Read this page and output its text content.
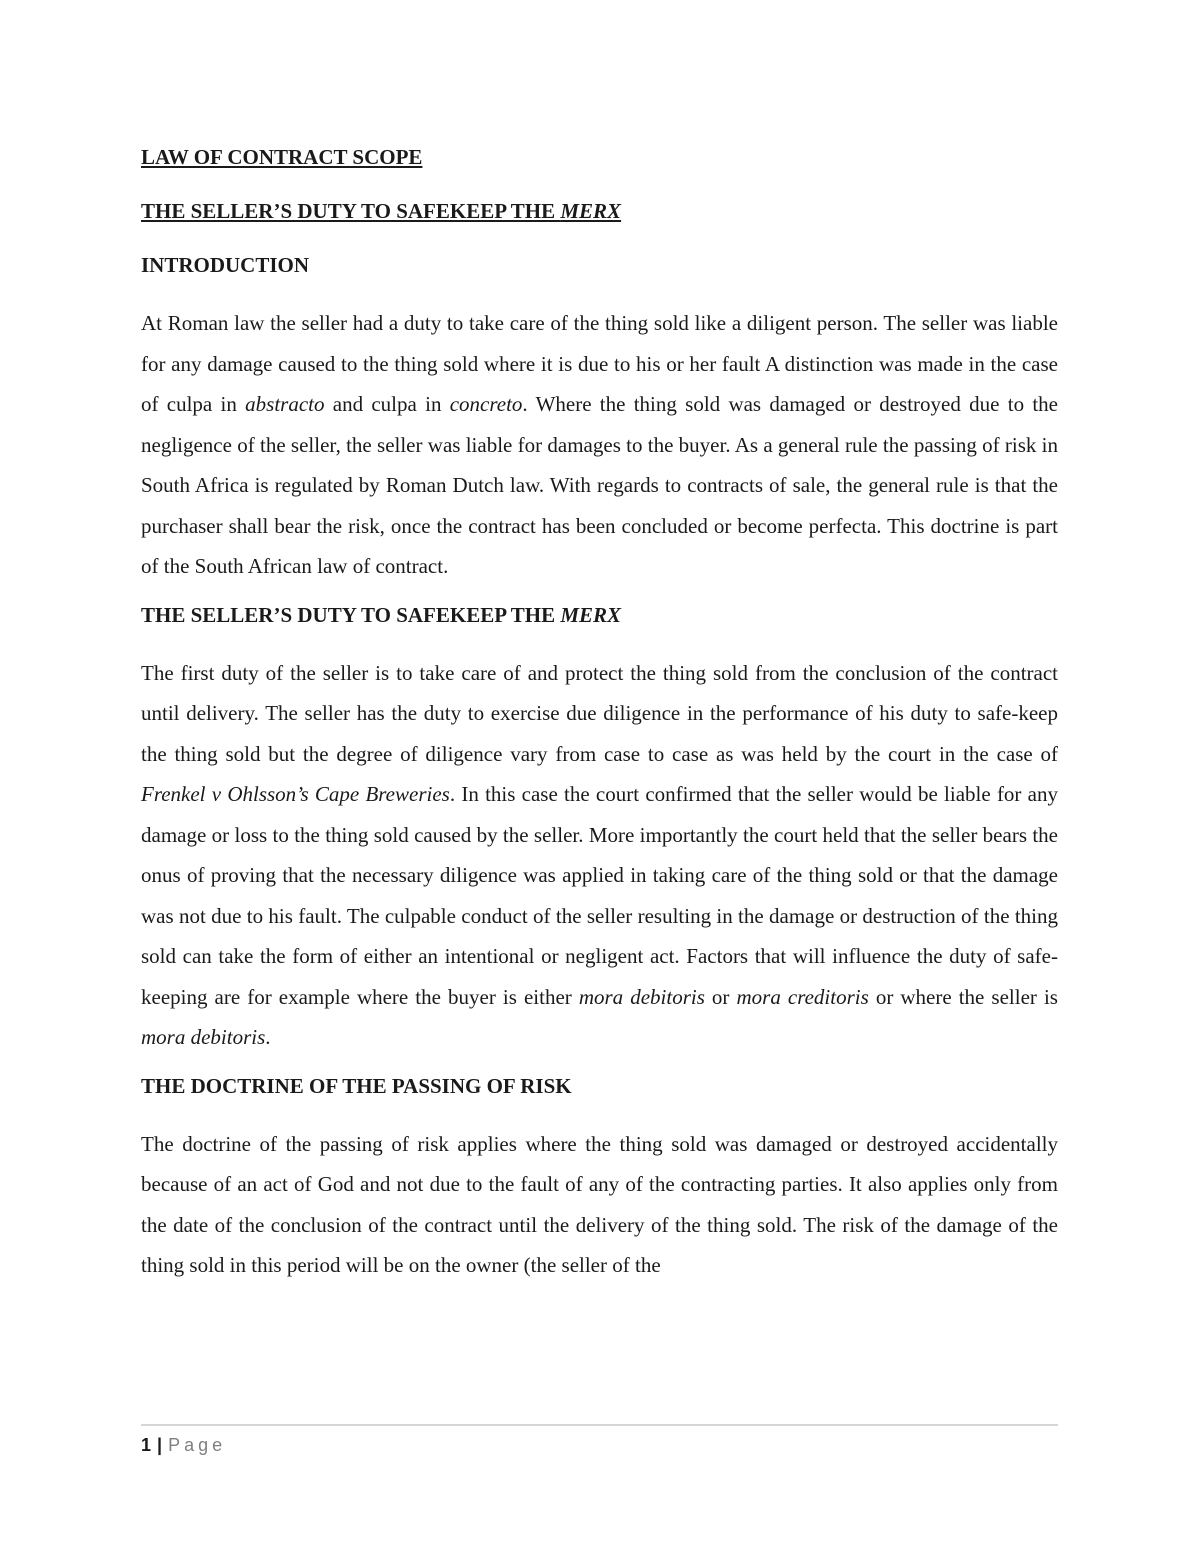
LAW OF CONTRACT SCOPE

THE SELLER’S DUTY TO SAFEKEEP THE MERX

INTRODUCTION

At Roman law the seller had a duty to take care of the thing sold like a diligent person. The seller was liable for any damage caused to the thing sold where it is due to his or her fault A distinction was made in the case of culpa in abstracto and culpa in concreto. Where the thing sold was damaged or destroyed due to the negligence of the seller, the seller was liable for damages to the buyer. As a general rule the passing of risk in South Africa is regulated by Roman Dutch law. With regards to contracts of sale, the general rule is that the purchaser shall bear the risk, once the contract has been concluded or become perfecta. This doctrine is part of the South African law of contract.

THE SELLER’S DUTY TO SAFEKEEP THE MERX

The first duty of the seller is to take care of and protect the thing sold from the conclusion of the contract until delivery. The seller has the duty to exercise due diligence in the performance of his duty to safe-keep the thing sold but the degree of diligence vary from case to case as was held by the court in the case of Frenkel v Ohlsson’s Cape Breweries. In this case the court confirmed that the seller would be liable for any damage or loss to the thing sold caused by the seller. More importantly the court held that the seller bears the onus of proving that the necessary diligence was applied in taking care of the thing sold or that the damage was not due to his fault. The culpable conduct of the seller resulting in the damage or destruction of the thing sold can take the form of either an intentional or negligent act. Factors that will influence the duty of safe-keeping are for example where the buyer is either mora debitoris or mora creditoris or where the seller is mora debitoris.

THE DOCTRINE OF THE PASSING OF RISK

The doctrine of the passing of risk applies where the thing sold was damaged or destroyed accidentally because of an act of God and not due to the fault of any of the contracting parties. It also applies only from the date of the conclusion of the contract until the delivery of the thing sold. The risk of the damage of the thing sold in this period will be on the owner (the seller of the

1 | Page
